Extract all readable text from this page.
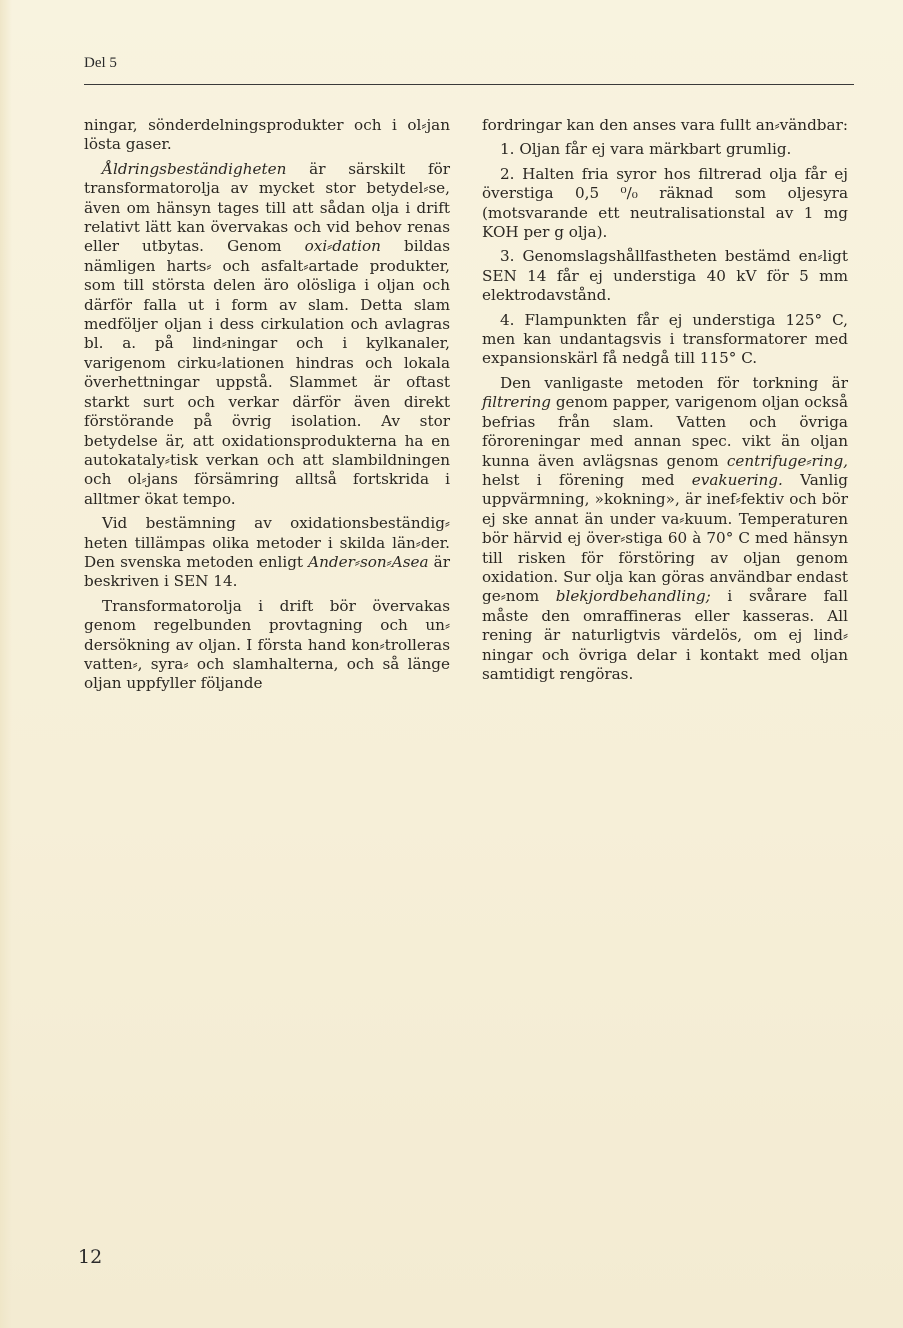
Del 5

ningar, sönderdelningsprodukter och i ol⸗jan lösta gaser.

Åldringsbeständigheten är särskilt för transformatorolja av mycket stor betydel⸗se, även om hänsyn tages till att sådan olja i drift relativt lätt kan övervakas och vid behov renas eller utbytas. Genom oxi⸗dation bildas nämligen harts⸗ och asfalt⸗artade produkter, som till största delen äro olösliga i oljan och därför falla ut i form av slam. Detta slam medföljer oljan i dess cirkulation och avlagras bl. a. på lind⸗ningar och i kylkanaler, varigenom cirku⸗lationen hindras och lokala överhettningar uppstå. Slammet är oftast starkt surt och verkar därför även direkt förstörande på övrig isolation. Av stor betydelse är, att oxidationsprodukterna ha en autokataly⸗tisk verkan och att slambildningen och ol⸗jans försämring alltså fortskrida i alltmer ökat tempo.

Vid bestämning av oxidationsbeständig⸗heten tillämpas olika metoder i skilda län⸗der. Den svenska metoden enligt Ander⸗son⸗Asea är beskriven i SEN 14.

Transformatorolja i drift bör övervakas genom regelbunden provtagning och un⸗dersökning av oljan. I första hand kon⸗trolleras vatten⸗, syra⸗ och slamhalterna, och så länge oljan uppfyller följande

fordringar kan den anses vara fullt an⸗vändbar:

1. Oljan får ej vara märkbart grumlig.

2. Halten fria syror hos filtrerad olja får ej överstiga 0,5 ⁰/₀ räknad som oljesyra (motsvarande ett neutralisationstal av 1 mg KOH per g olja).

3. Genomslagshållfastheten bestämd en⸗ligt SEN 14 får ej understiga 40 kV för 5 mm elektrodavstånd.

4. Flampunkten får ej understiga 125° C, men kan undantagsvis i transformatorer med expansionskärl få nedgå till 115° C.

Den vanligaste metoden för torkning är filtrering genom papper, varigenom oljan också befrias från slam. Vatten och övriga föroreningar med annan spec. vikt än oljan kunna även avlägsnas genom centrifuge⸗ring, helst i förening med evakuering. Vanlig uppvärmning, »kokning», är inef⸗fektiv och bör ej ske annat än under va⸗kuum. Temperaturen bör härvid ej över⸗stiga 60 à 70° C med hänsyn till risken för förstöring av oljan genom oxidation. Sur olja kan göras användbar endast ge⸗nom blekjordbehandling; i svårare fall måste den omraffineras eller kasseras. All rening är naturligtvis värdelös, om ej lind⸗ningar och övriga delar i kontakt med oljan samtidigt rengöras.

12
